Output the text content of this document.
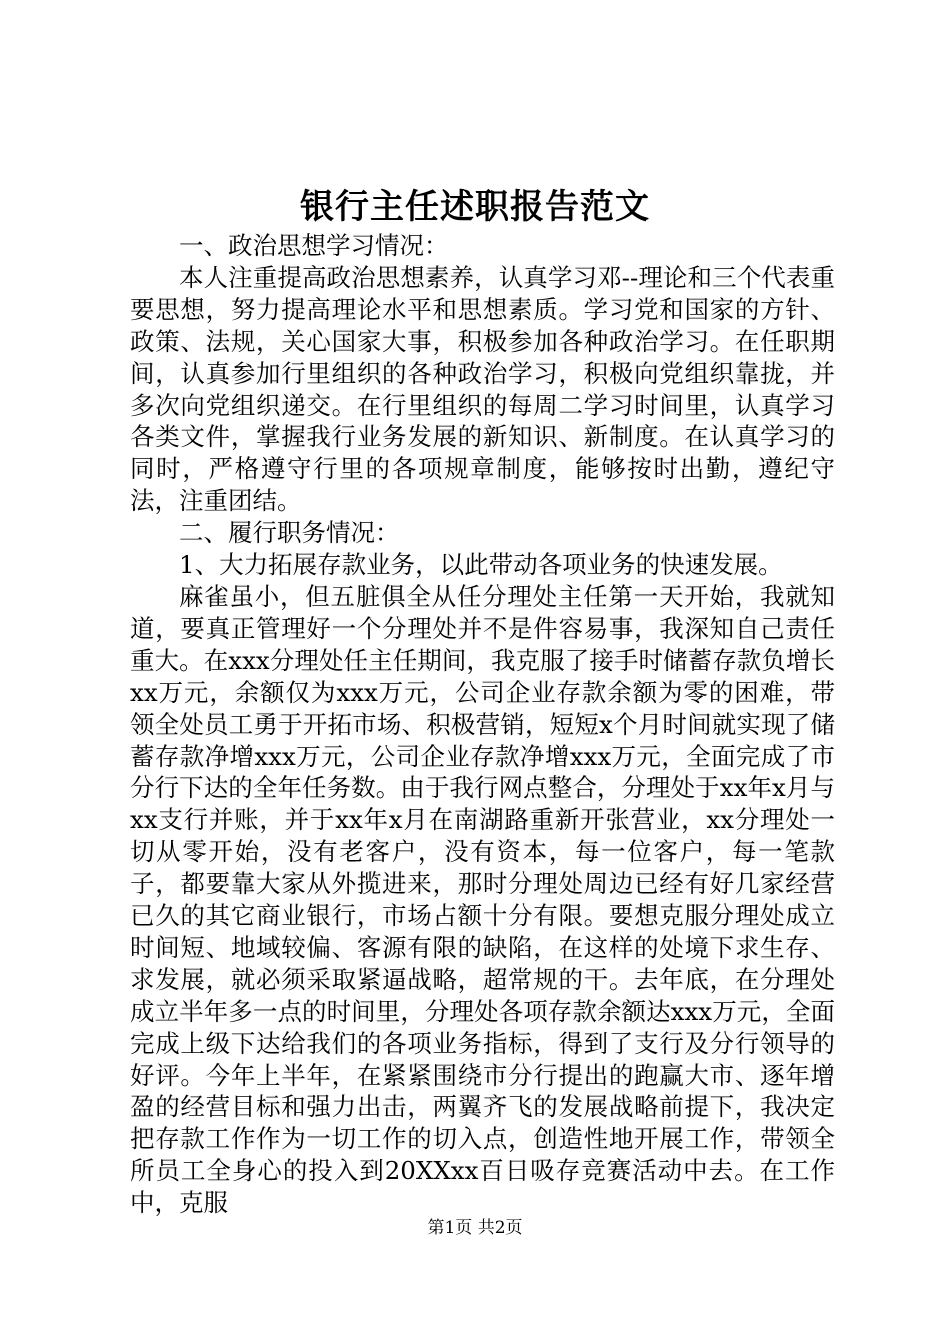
银行主任述职报告范文

一、政治思想学习情况：

本人注重提高政治思想素养，认真学习邓--理论和三个代表重要思想，努力提高理论水平和思想素质。学习党和国家的方针、政策、法规，关心国家大事，积极参加各种政治学习。在任职期间，认真参加行里组织的各种政治学习，积极向党组织靠拢，并多次向党组织递交。在行里组织的每周二学习时间里，认真学习各类文件，掌握我行业务发展的新知识、新制度。在认真学习的同时，严格遵守行里的各项规章制度，能够按时出勤，遵纪守法，注重团结。

二、履行职务情况：

1、大力拓展存款业务，以此带动各项业务的快速发展。

麻雀虽小，但五脏俱全从任分理处主任第一天开始，我就知道，要真正管理好一个分理处并不是件容易事，我深知自己责任重大。在xxx分理处任主任期间，我克服了接手时储蓄存款负增长xx万元，余额仅为xxx万元，公司企业存款余额为零的困难，带领全处员工勇于开拓市场、积极营销，短短x个月时间就实现了储蓄存款净增xxx万元，公司企业存款净增xxx万元，全面完成了市分行下达的全年任务数。由于我行网点整合，分理处于xx年x月与xx支行并账，并于xx年x月在南湖路重新开张营业，xx分理处一切从零开始，没有老客户，没有资本，每一位客户，每一笔款子，都要靠大家从外揽进来，那时分理处周边已经有好几家经营已久的其它商业银行，市场占额十分有限。要想克服分理处成立时间短、地域较偏、客源有限的缺陷，在这样的处境下求生存、求发展，就必须采取紧逼战略，超常规的干。去年底，在分理处成立半年多一点的时间里，分理处各项存款余额达xxx万元，全面完成上级下达给我们的各项业务指标，得到了支行及分行领导的好评。今年上半年，在紧紧围绕市分行提出的跑赢大市、逐年增盈的经营目标和强力出击，两翼齐飞的发展战略前提下，我决定把存款工作作为一切工作的切入点，创造性地开展工作，带领全所员工全身心的投入到20XXxx百日吸存竞赛活动中去。在工作中，克服

第1页 共2页
